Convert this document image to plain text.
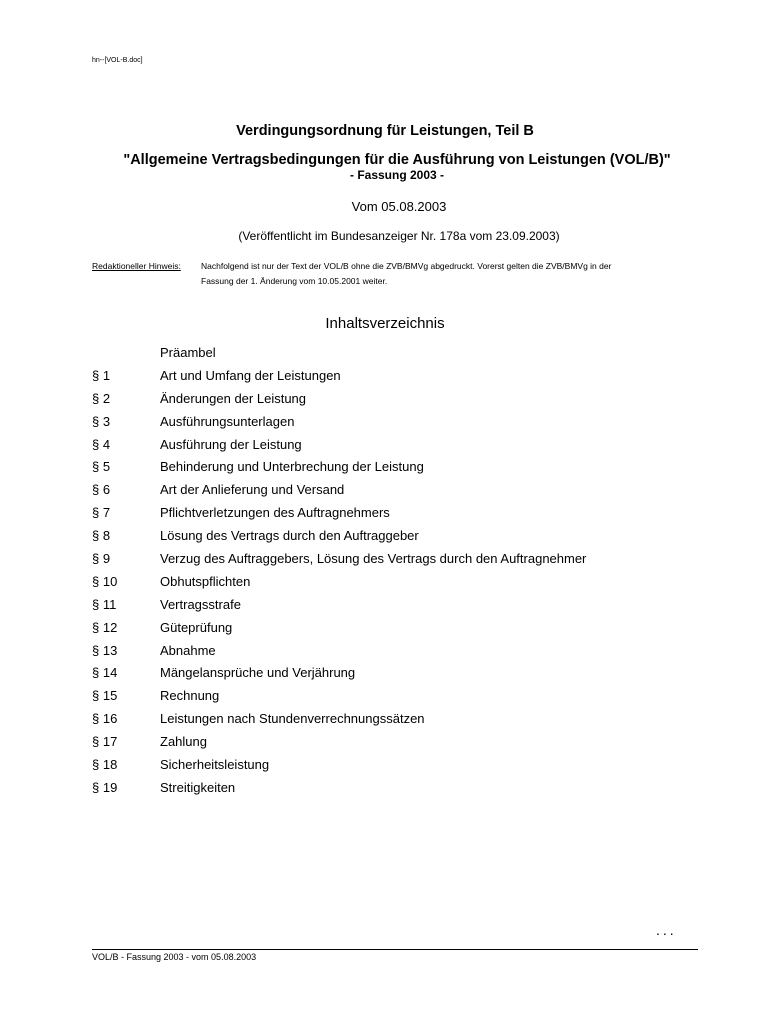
hn--[VOL-B.doc]
Verdingungsordnung für Leistungen, Teil B
"Allgemeine Vertragsbedingungen für die Ausführung von Leistungen (VOL/B)"
- Fassung 2003 -
Vom 05.08.2003
(Veröffentlicht im Bundesanzeiger Nr. 178a vom 23.09.2003)
Redaktioneller Hinweis: Nachfolgend ist nur der Text der VOL/B ohne die ZVB/BMVg abgedruckt. Vorerst gelten die ZVB/BMVg in der
Fassung der 1. Änderung vom 10.05.2001 weiter.
Inhaltsverzeichnis
Präambel
§ 1	Art und Umfang der Leistungen
§ 2	Änderungen der Leistung
§ 3	Ausführungsunterlagen
§ 4	Ausführung der Leistung
§ 5	Behinderung und Unterbrechung der Leistung
§ 6	Art der Anlieferung und Versand
§ 7	Pflichtverletzungen des Auftragnehmers
§ 8	Lösung des Vertrags durch den Auftraggeber
§ 9	Verzug des Auftraggebers, Lösung des Vertrags durch den Auftragnehmer
§ 10	Obhutspflichten
§ 11	Vertragsstrafe
§ 12	Güteprüfung
§ 13	Abnahme
§ 14	Mängelansprüche und Verjährung
§ 15	Rechnung
§ 16	Leistungen nach Stundenverrechnungssätzen
§ 17	Zahlung
§ 18	Sicherheitsleistung
§ 19	Streitigkeiten
...
VOL/B - Fassung 2003 - vom 05.08.2003
